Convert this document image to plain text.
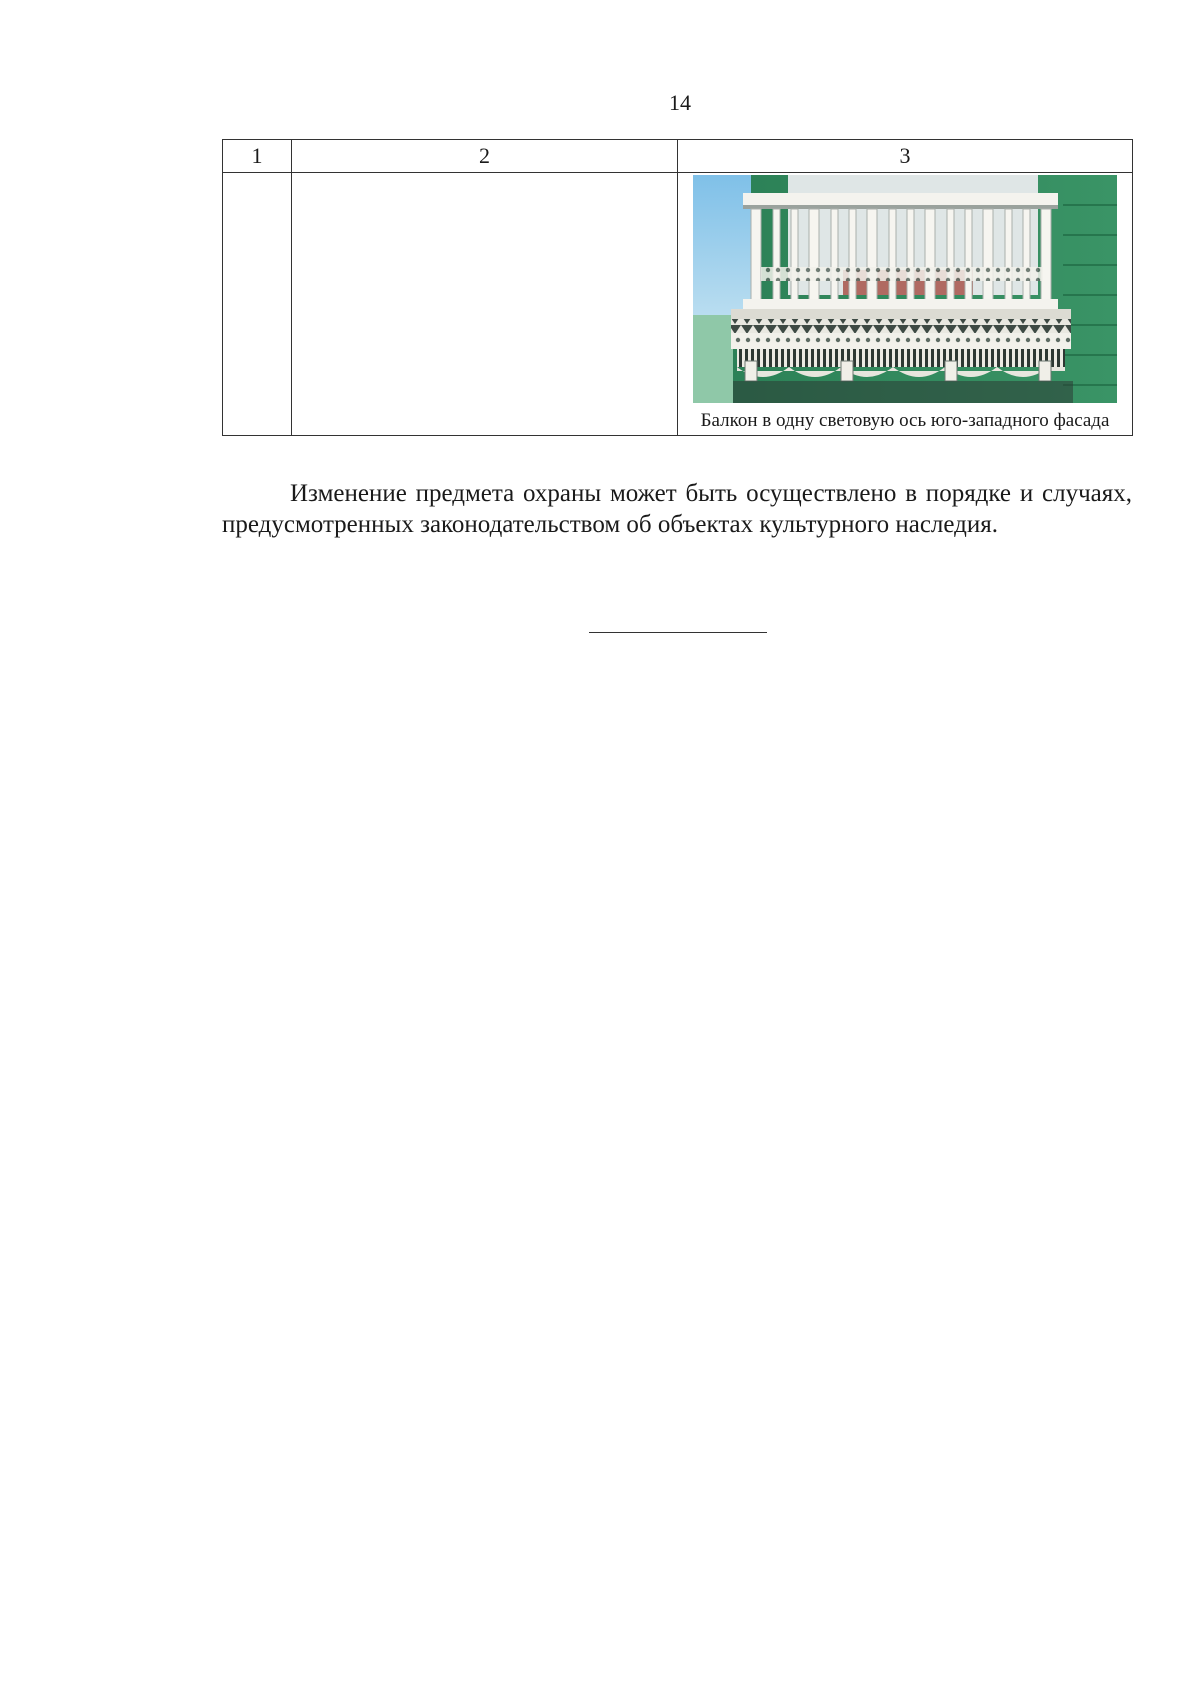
14
1	2	3

		Балкон в одну световую ось юго-западного фасада

Изменение предмета охраны может быть осуществлено в порядке и случаях, предусмотренных законодательством об объектах культурного наследия.
